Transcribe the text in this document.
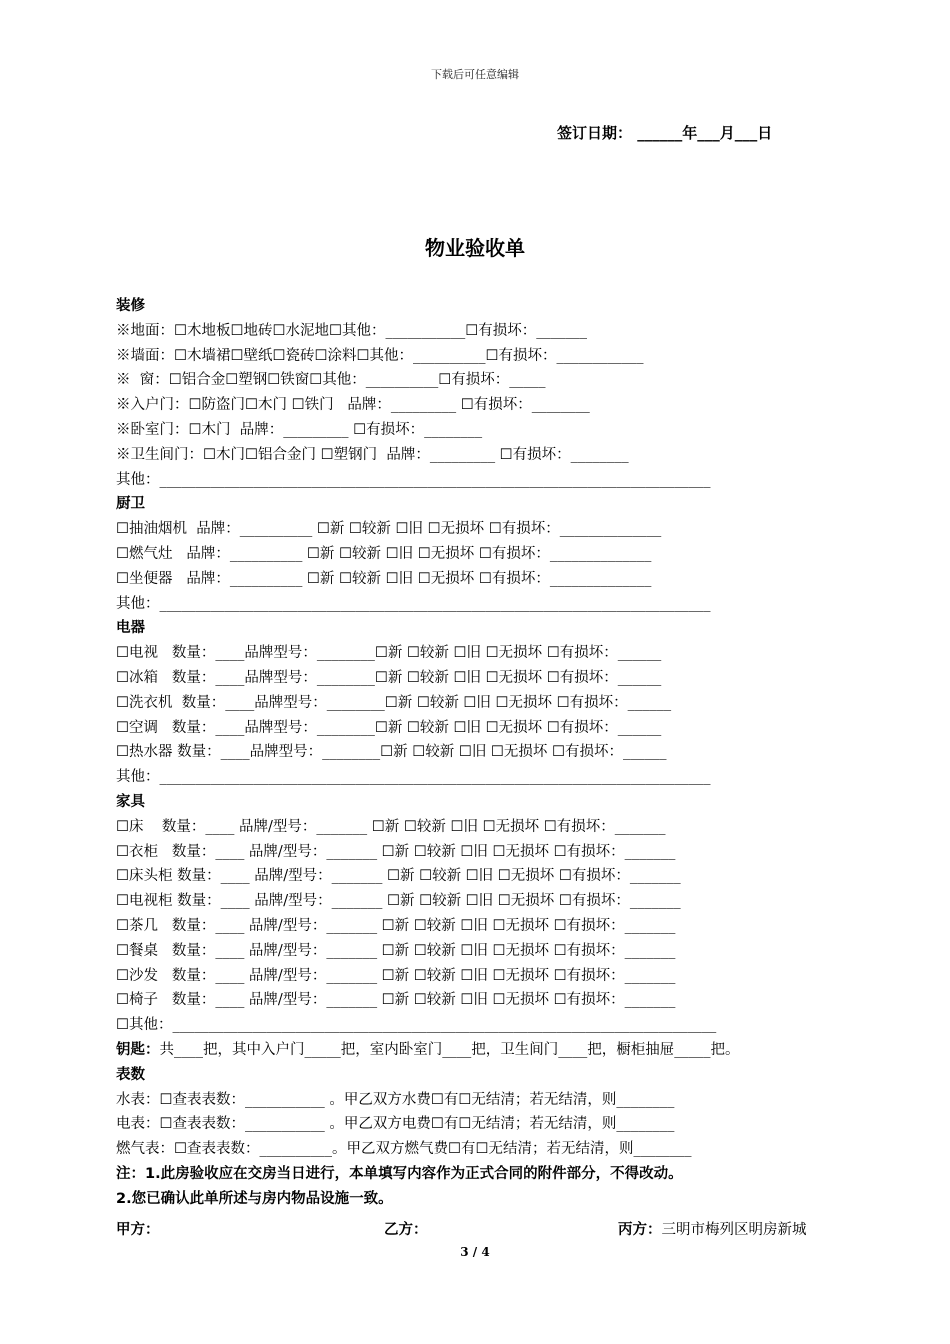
下载后可任意编辑
签订日期： ______年___月___日
物业验收单
装修
※地面：☐木地板☐地砖☐水泥地☐其他：___________☐有损坏：_______
※墙面：☐木墙裙☐壁纸☐瓷砖☐涂料☐其他：__________☐有损坏：____________
※  窗：☐铝合金☐塑钢☐铁窗☐其他：__________☐有损坏：_____
※入户门：☐防盗门☐木门 ☐铁门   品牌：_________ ☐有损坏：________
※卧室门：☐木门  品牌：_________ ☐有损坏：________
※卫生间门：☐木门☐铝合金门 ☐塑钢门  品牌：_________ ☐有损坏：________
其他：____________________________________________________________________________
厨卫
☐抽油烟机  品牌：__________ ☐新 ☐较新 ☐旧 ☐无损坏 ☐有损坏：______________
☐燃气灶   品牌：__________ ☐新 ☐较新 ☐旧 ☐无损坏 ☐有损坏：______________
☐坐便器   品牌：__________ ☐新 ☐较新 ☐旧 ☐无损坏 ☐有损坏：______________
其他：____________________________________________________________________________
电器
☐电视   数量：____品牌型号：________☐新 ☐较新 ☐旧 ☐无损坏 ☐有损坏：______
☐冰箱   数量：____品牌型号：________☐新 ☐较新 ☐旧 ☐无损坏 ☐有损坏：______
☐洗衣机  数量：____品牌型号：________☐新 ☐较新 ☐旧 ☐无损坏 ☐有损坏：______
☐空调   数量：____品牌型号：________☐新 ☐较新 ☐旧 ☐无损坏 ☐有损坏：______
☐热水器 数量：____品牌型号：________☐新 ☐较新 ☐旧 ☐无损坏 ☐有损坏：______
其他：____________________________________________________________________________
家具
☐床    数量：____ 品牌/型号：_______ ☐新 ☐较新 ☐旧 ☐无损坏 ☐有损坏：_______
☐衣柜   数量：____ 品牌/型号：_______ ☐新 ☐较新 ☐旧 ☐无损坏 ☐有损坏：_______
☐床头柜 数量：____ 品牌/型号：_______ ☐新 ☐较新 ☐旧 ☐无损坏 ☐有损坏：_______
☐电视柜 数量：____ 品牌/型号：_______ ☐新 ☐较新 ☐旧 ☐无损坏 ☐有损坏：_______
☐茶几   数量：____ 品牌/型号：_______ ☐新 ☐较新 ☐旧 ☐无损坏 ☐有损坏：_______
☐餐桌   数量：____ 品牌/型号：_______ ☐新 ☐较新 ☐旧 ☐无损坏 ☐有损坏：_______
☐沙发   数量：____ 品牌/型号：_______ ☐新 ☐较新 ☐旧 ☐无损坏 ☐有损坏：_______
☐椅子   数量：____ 品牌/型号：_______ ☐新 ☐较新 ☐旧 ☐无损坏 ☐有损坏：_______
☐其他：___________________________________________________________________________
钥匙：共____把，其中入户门_____把，室内卧室门____把，卫生间门____把，橱柜抽屉_____把。
表数
水表：☐查表表数：___________ 。甲乙双方水费☐有☐无结清；若无结清，则________
电表：☐查表表数：___________ 。甲乙双方电费☐有☐无结清；若无结清，则________
燃气表：☐查表表数：__________。甲乙双方燃气费☐有☐无结清；若无结清，则________
注：1.此房验收应在交房当日进行，本单填写内容作为正式合同的附件部分，不得改动。
2.您已确认此单所述与房内物品设施一致。
甲方：	乙方：	丙方：三明市梅列区明房新城
3 / 4
